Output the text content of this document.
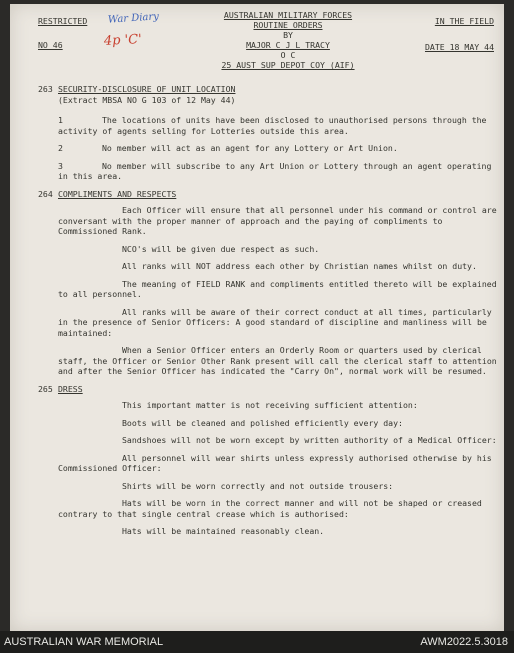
RESTRICTED
NO 46
War Diary
4p 'C'
AUSTRALIAN MILITARY FORCES
ROUTINE ORDERS
BY
MAJOR C J L TRACY
O C
25 AUST SUP DEPOT COY (AIF)
IN THE FIELD
DATE 18 MAY 44
263 SECURITY-DISCLOSURE OF UNIT LOCATION

(Extract MBSA NO G 103 of 12 May 44)

1	The locations of units have been disclosed to unauthorised persons through the activity of agents selling for Lotteries outside this area.

2	No member will act as an agent for any Lottery or Art Union.

3	No member will subscribe to any Art Union or Lottery through an agent operating in this area.

264 COMPLIMENTS AND RESPECTS

Each Officer will ensure that all personnel under his command or control are conversant with the proper manner of approach and the paying of compliments to Commissioned Rank.

NCO's will be given due respect as such.

All ranks will NOT address each other by Christian names whilst on duty.

The meaning of FIELD RANK and compliments entitled thereto will be explained to all personnel.

All ranks will be aware of their correct conduct at all times, particularly in the presence of Senior Officers: A good standard of discipline and manliness will be maintained:

When a Senior Officer enters an Orderly Room or quarters used by clerical staff, the Officer or Senior Other Rank present will call the clerical staff to attention and after the Senior Officer has indicated the "Carry On", normal work will be resumed.

265 DRESS

This important matter is not receiving sufficient attention:

Boots will be cleaned and polished efficiently every day:

Sandshoes will not be worn except by written authority of a Medical Officer:

All personnel will wear shirts unless expressly authorised otherwise by his Commissioned Officer:

Shirts will be worn correctly and not outside trousers:

Hats will be worn in the correct manner and will not be shaped or creased contrary to that single central crease which is authorised:

Hats will be maintained reasonably clean.

AUSTRALIAN WAR MEMORIAL	AWM2022.5.3018
